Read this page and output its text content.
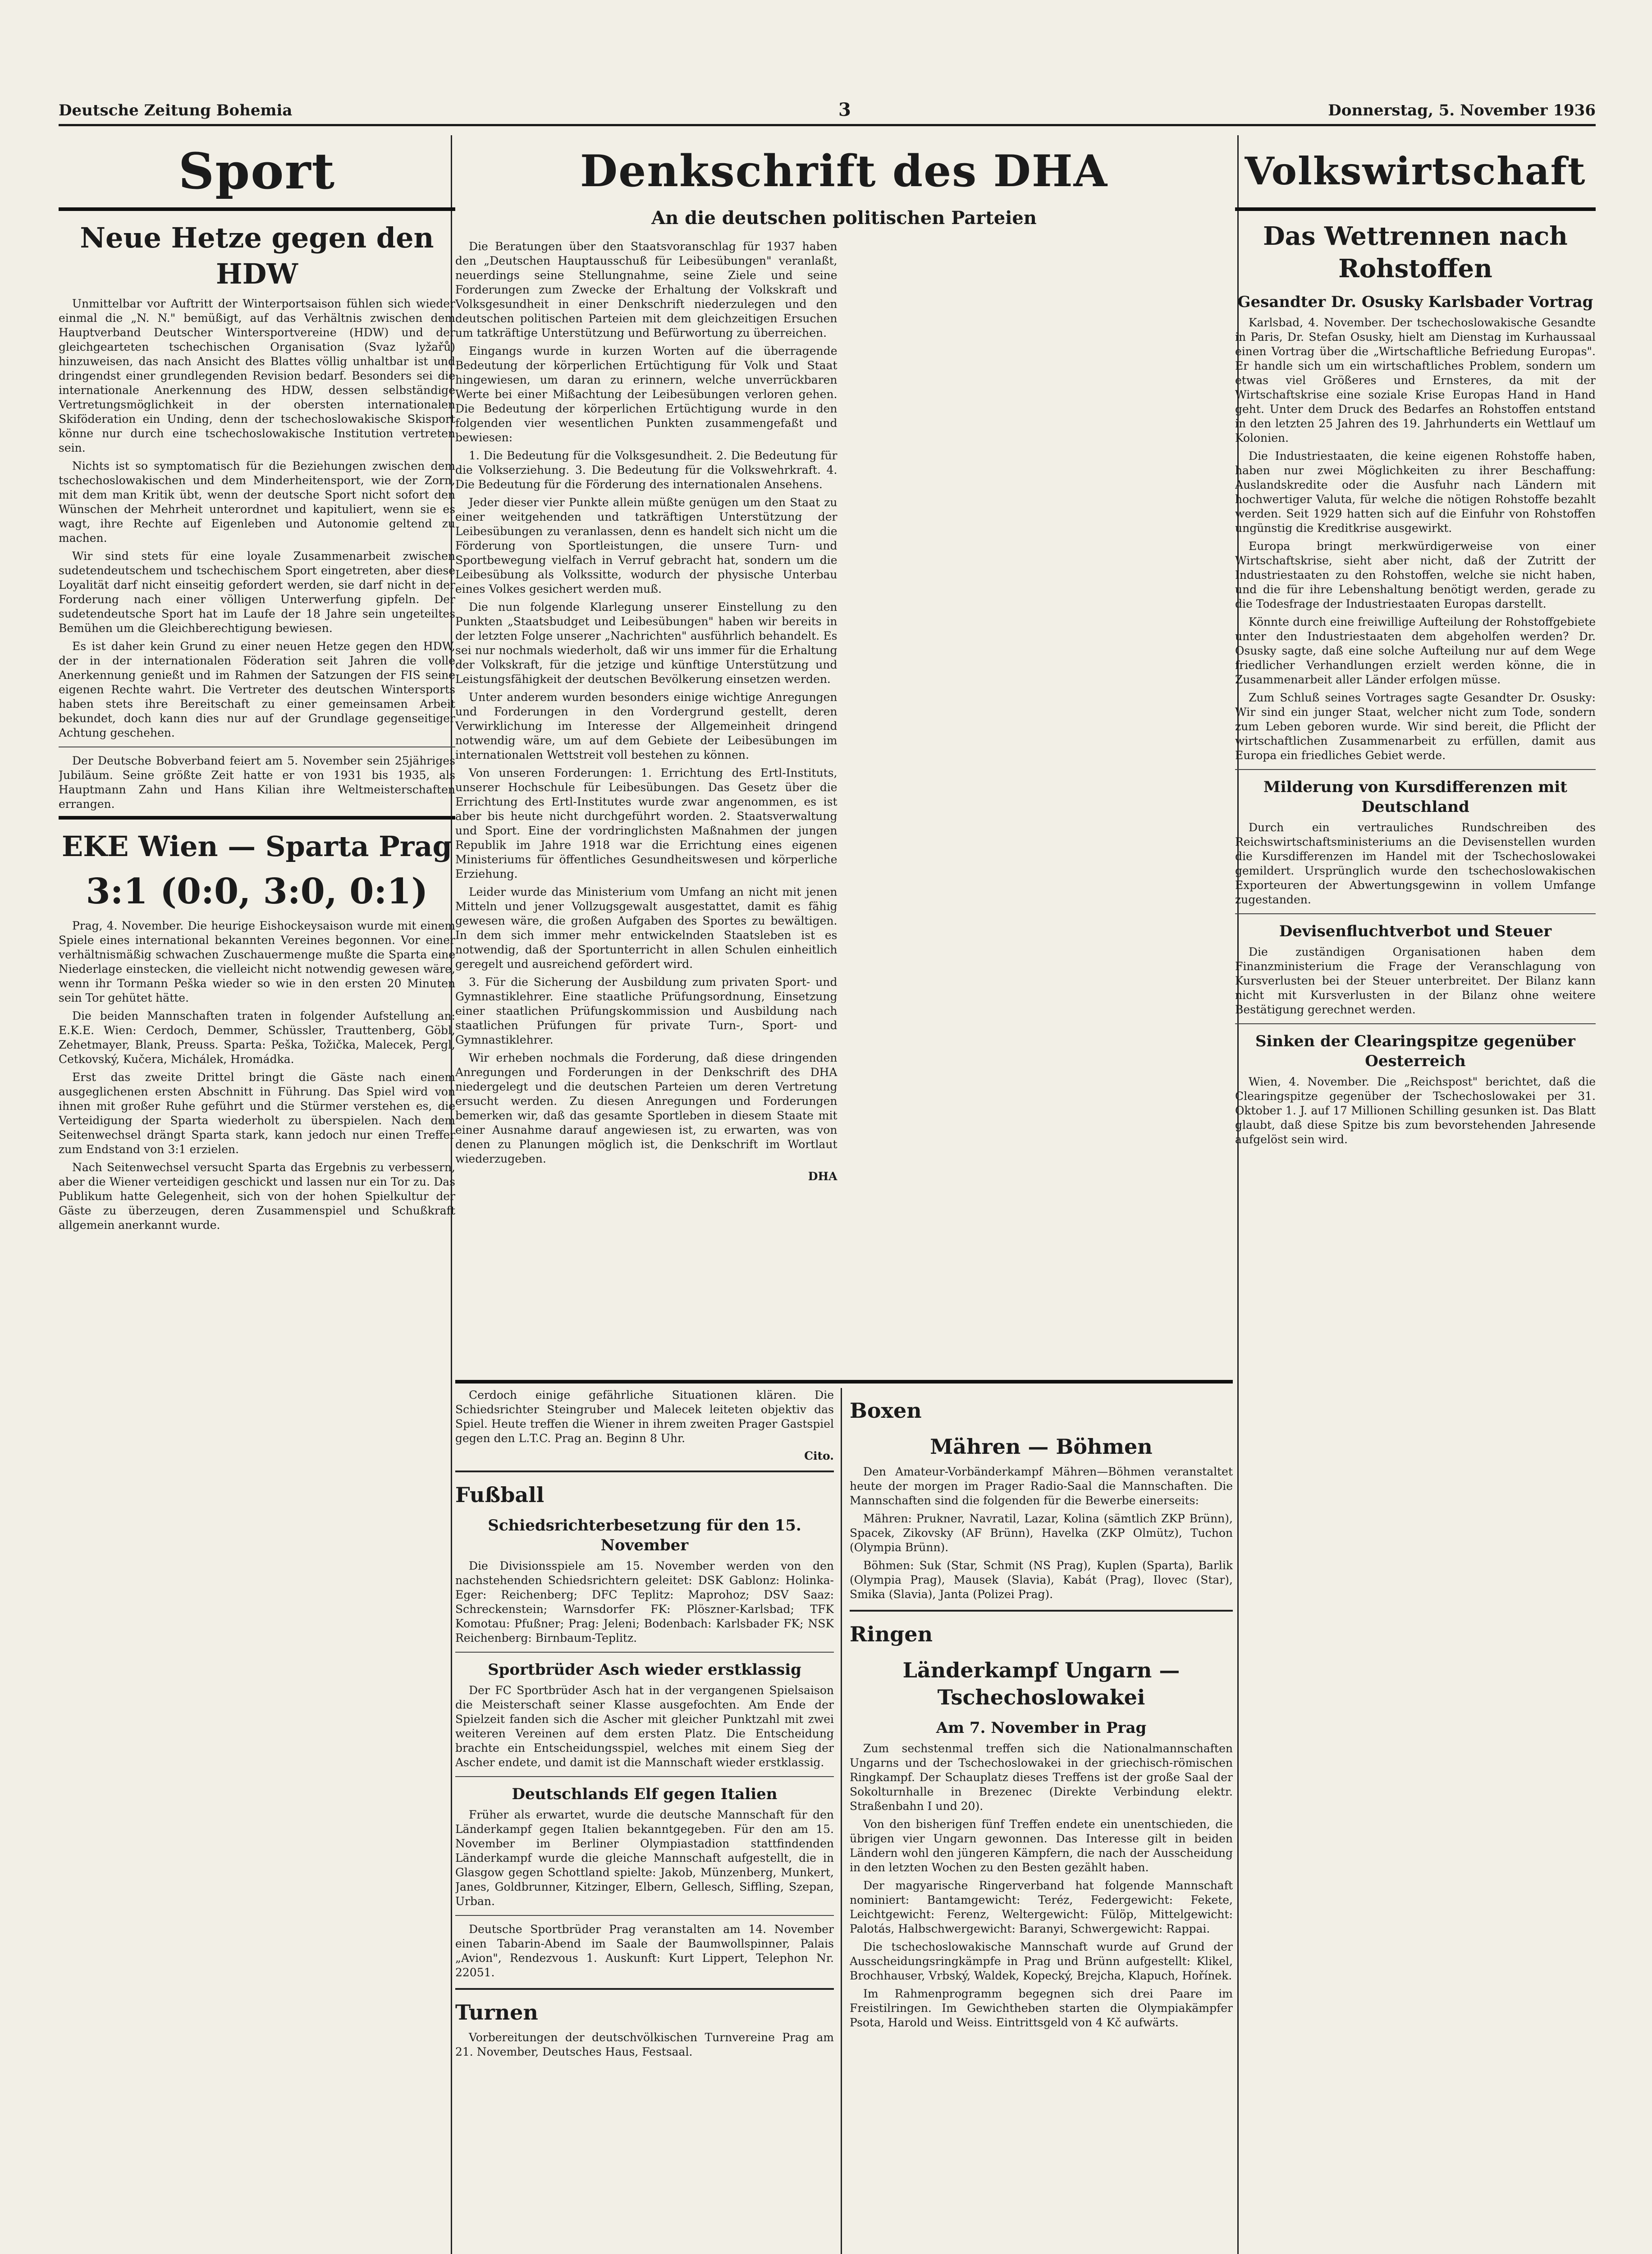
Deutsche Zeitung Bohemia	3	Donnerstag, 5. November 1936
Sport
Neue Hetze gegen den HDW

Unmittelbar vor Auftritt der Winterportsaison fühlen sich wieder einmal die „N. N." bemüßigt, auf das Verhältnis zwischen dem Hauptverband Deutscher Wintersportvereine (HDW) und der gleichgearteten tschechischen Organisation (Svaz lyžařů) hinzuweisen, das nach Ansicht des Blattes völlig unhaltbar ist und dringendst einer grundlegenden Revision bedarf. Besonders sei die internationale Anerkennung des HDW, dessen selbständige Vertretungsmöglichkeit in der obersten internationalen Skiföderation ein Unding, denn der tschechoslowakische Skisport könne nur durch eine tschechoslowakische Institution vertreten sein.

Nichts ist so symptomatisch für die Beziehungen zwischen dem tschechoslowakischen und dem Minderheitensport, wie der Zorn, mit dem man Kritik übt, wenn der deutsche Sport nicht sofort den Wünschen der Mehrheit unterordnet und kapituliert, wenn sie es wagt, ihre Rechte auf Eigenleben und Autonomie geltend zu machen.

Wir sind stets für eine loyale Zusammenarbeit zwischen sudetendeutschem und tschechischem Sport eingetreten, aber diese Loyalität darf nicht einseitig gefordert werden, sie darf nicht in der Forderung nach einer völligen Unterwerfung gipfeln. Der sudetendeutsche Sport hat im Laufe der 18 Jahre sein ungeteiltes Bemühen um die Gleichberechtigung bewiesen.

Es ist daher kein Grund zu einer neuen Hetze gegen den HDW, der in der internationalen Föderation seit Jahren die volle Anerkennung genießt und im Rahmen der Satzungen der FIS seine eigenen Rechte wahrt. Die Vertreter des deutschen Wintersports haben stets ihre Bereitschaft zu einer gemeinsamen Arbeit bekundet, doch kann dies nur auf der Grundlage gegenseitiger Achtung geschehen.

Der Deutsche Bobverband feiert am 5. November sein 25jähriges Jubiläum. Seine größte Zeit hatte er von 1931 bis 1935, als Hauptmann Zahn und Hans Kilian ihre Weltmeisterschaften errangen.

EKE Wien — Sparta Prag
3:1 (0:0, 3:0, 0:1)

Prag, 4. November. Die heurige Eishockeysaison wurde mit einem Spiele eines international bekannten Vereines begonnen. Vor einer verhältnismäßig schwachen Zuschauermenge mußte die Sparta eine Niederlage einstecken, die vielleicht nicht notwendig gewesen wäre, wenn ihr Tormann Peška wieder so wie in den ersten 20 Minuten sein Tor gehütet hätte.

Die beiden Mannschaften traten in folgender Aufstellung an: E.K.E. Wien: Cerdoch, Demmer, Schüssler, Trauttenberg, Göbl, Zehetmayer, Blank, Preuss. Sparta: Peška, Tožička, Malecek, Pergl, Cetkovský, Kučera, Michálek, Hromádka.

Erst das zweite Drittel bringt die Gäste nach einem ausgeglichenen ersten Abschnitt in Führung. Das Spiel wird von ihnen mit großer Ruhe geführt und die Stürmer verstehen es, die Verteidigung der Sparta wiederholt zu überspielen. Nach dem Seitenwechsel drängt Sparta stark, kann jedoch nur einen Treffer zum Endstand von 3:1 erzielen.

Nach Seitenwechsel versucht Sparta das Ergebnis zu verbessern, aber die Wiener verteidigen geschickt und lassen nur ein Tor zu. Das Publikum hatte Gelegenheit, sich von der hohen Spielkultur der Gäste zu überzeugen, deren Zusammenspiel und Schußkraft allgemein anerkannt wurde.

Denkschrift des DHA
An die deutschen politischen Parteien

Die Beratungen über den Staatsvoranschlag für 1937 haben den „Deutschen Hauptausschuß für Leibesübungen" veranlaßt, neuerdings seine Stellungnahme, seine Ziele und seine Forderungen zum Zwecke der Erhaltung der Volkskraft und Volksgesundheit in einer Denkschrift niederzulegen und den deutschen politischen Parteien mit dem gleichzeitigen Ersuchen um tatkräftige Unterstützung und Befürwortung zu überreichen.

Eingangs wurde in kurzen Worten auf die überragende Bedeutung der körperlichen Ertüchtigung für Volk und Staat hingewiesen, um daran zu erinnern, welche unverrückbaren Werte bei einer Mißachtung der Leibesübungen verloren gehen. Die Bedeutung der körperlichen Ertüchtigung wurde in den folgenden vier wesentlichen Punkten zusammengefaßt und bewiesen:

1. Die Bedeutung für die Volksgesundheit. 2. Die Bedeutung für die Volkserziehung. 3. Die Bedeutung für die Volkswehrkraft. 4. Die Bedeutung für die Förderung des internationalen Ansehens.

Jeder dieser vier Punkte allein müßte genügen um den Staat zu einer weitgehenden und tatkräftigen Unterstützung der Leibesübungen zu veranlassen, denn es handelt sich nicht um die Förderung von Sportleistungen, die unsere Turn- und Sportbewegung vielfach in Verruf gebracht hat, sondern um die Leibesübung als Volkssitte, wodurch der physische Unterbau eines Volkes gesichert werden muß.

Die nun folgende Klarlegung unserer Einstellung zu den Punkten „Staatsbudget und Leibesübungen" haben wir bereits in der letzten Folge unserer „Nachrichten" ausführlich behandelt. Es sei nur nochmals wiederholt, daß wir uns immer für die Erhaltung der Volkskraft, für die jetzige und künftige Unterstützung und Leistungsfähigkeit der deutschen Bevölkerung einsetzen werden.

Unter anderem wurden besonders einige wichtige Anregungen und Forderungen in den Vordergrund gestellt, deren Verwirklichung im Interesse der Allgemeinheit dringend notwendig wäre, um auf dem Gebiete der Leibesübungen im internationalen Wettstreit voll bestehen zu können.

Von unseren Forderungen: 1. Errichtung des Ertl-Instituts, unserer Hochschule für Leibesübungen. Das Gesetz über die Errichtung des Ertl-Institutes wurde zwar angenommen, es ist aber bis heute nicht durchgeführt worden. 2. Staatsverwaltung und Sport. Eine der vordringlichsten Maßnahmen der jungen Republik im Jahre 1918 war die Errichtung eines eigenen Ministeriums für öffentliches Gesundheitswesen und körperliche Erziehung.

Leider wurde das Ministerium vom Umfang an nicht mit jenen Mitteln und jener Vollzugsgewalt ausgestattet, damit es fähig gewesen wäre, die großen Aufgaben des Sportes zu bewältigen. In dem sich immer mehr entwickelnden Staatsleben ist es notwendig, daß der Sportunterricht in allen Schulen einheitlich geregelt und ausreichend gefördert wird.

3. Für die Sicherung der Ausbildung zum privaten Sport- und Gymnastiklehrer. Eine staatliche Prüfungsordnung, Einsetzung einer staatlichen Prüfungskommission und Ausbildung nach staatlichen Prüfungen für private Turn-, Sport- und Gymnastiklehrer.

Wir erheben nochmals die Forderung, daß diese dringenden Anregungen und Forderungen in der Denkschrift des DHA niedergelegt und die deutschen Parteien um deren Vertretung ersucht werden. Zu diesen Anregungen und Forderungen bemerken wir, daß das gesamte Sportleben in diesem Staate mit einer Ausnahme darauf angewiesen ist, zu erwarten, was von denen zu Planungen möglich ist, die Denkschrift im Wortlaut wiederzugeben.

DHA

Cerdoch einige gefährliche Situationen klären. Die Schiedsrichter Steingruber und Malecek leiteten objektiv das Spiel. Heute treffen die Wiener in ihrem zweiten Prager Gastspiel gegen den L.T.C. Prag an. Beginn 8 Uhr.

Cito.
Fußball
Schiedsrichterbesetzung für den 15. November

Die Divisionsspiele am 15. November werden von den nachstehenden Schiedsrichtern geleitet: DSK Gablonz: Holinka-Eger: Reichenberg; DFC Teplitz: Maprohoz; DSV Saaz: Schreckenstein; Warnsdorfer FK: Plöszner-Karlsbad; TFK Komotau: Pfußner; Prag: Jeleni; Bodenbach: Karlsbader FK; NSK Reichenberg: Birnbaum-Teplitz.

Sportbrüder Asch wieder erstklassig

Der FC Sportbrüder Asch hat in der vergangenen Spielsaison die Meisterschaft seiner Klasse ausgefochten. Am Ende der Spielzeit fanden sich die Ascher mit gleicher Punktzahl mit zwei weiteren Vereinen auf dem ersten Platz. Die Entscheidung brachte ein Entscheidungsspiel, welches mit einem Sieg der Ascher endete, und damit ist die Mannschaft wieder erstklassig.

Deutschlands Elf gegen Italien

Früher als erwartet, wurde die deutsche Mannschaft für den Länderkampf gegen Italien bekanntgegeben. Für den am 15. November im Berliner Olympiastadion stattfindenden Länderkampf wurde die gleiche Mannschaft aufgestellt, die in Glasgow gegen Schottland spielte: Jakob, Münzenberg, Munkert, Janes, Goldbrunner, Kitzinger, Elbern, Gellesch, Siffling, Szepan, Urban.

Deutsche Sportbrüder Prag veranstalten am 14. November einen Tabarin-Abend im Saale der Baumwollspinner, Palais „Avion", Rendezvous 1. Auskunft: Kurt Lippert, Telephon Nr. 22051.

Turnen

Vorbereitungen der deutschvölkischen Turnvereine Prag am 21. November, Deutsches Haus, Festsaal.

Boxen
Mähren — Böhmen

Den Amateur-Vorbänderkampf Mähren—Böhmen veranstaltet heute der morgen im Prager Radio-Saal die Mannschaften. Die Mannschaften sind die folgenden für die Bewerbe einerseits:

Mähren: Prukner, Navratil, Lazar, Kolina (sämtlich ZKP Brünn), Spacek, Zikovsky (AF Brünn), Havelka (ZKP Olmütz), Tuchon (Olympia Brünn).

Böhmen: Suk (Star, Schmit (NS Prag), Kuplen (Sparta), Barlik (Olympia Prag), Mausek (Slavia), Kabát (Prag), Ilovec (Star), Smika (Slavia), Janta (Polizei Prag).

Ringen
Länderkampf Ungarn — Tschechoslowakei
Am 7. November in Prag

Zum sechstenmal treffen sich die Nationalmannschaften Ungarns und der Tschechoslowakei in der griechisch-römischen Ringkampf. Der Schauplatz dieses Treffens ist der große Saal der Sokolturnhalle in Brezenec (Direkte Verbindung elektr. Straßenbahn I und 20).

Von den bisherigen fünf Treffen endete ein unentschieden, die übrigen vier Ungarn gewonnen. Das Interesse gilt in beiden Ländern wohl den jüngeren Kämpfern, die nach der Ausscheidung in den letzten Wochen zu den Besten gezählt haben.

Der magyarische Ringerverband hat folgende Mannschaft nominiert: Bantamgewicht: Teréz, Federgewicht: Fekete, Leichtgewicht: Ferenz, Weltergewicht: Fülöp, Mittelgewicht: Palotás, Halbschwergewicht: Baranyi, Schwergewicht: Rappai.

Die tschechoslowakische Mannschaft wurde auf Grund der Ausscheidungsringkämpfe in Prag und Brünn aufgestellt: Klikel, Brochhauser, Vrbský, Waldek, Kopecký, Brejcha, Klapuch, Hořínek.

Im Rahmenprogramm begegnen sich drei Paare im Freistilringen. Im Gewichtheben starten die Olympiakämpfer Psota, Harold und Weiss. Eintrittsgeld von 4 Kč aufwärts.

Volkswirtschaft
Das Wettrennen nach Rohstoffen
Gesandter Dr. Osusky Karlsbader Vortrag

Karlsbad, 4. November. Der tschechoslowakische Gesandte in Paris, Dr. Stefan Osusky, hielt am Dienstag im Kurhaussaal einen Vortrag über die „Wirtschaftliche Befriedung Europas". Er handle sich um ein wirtschaftliches Problem, sondern um etwas viel Größeres und Ernsteres, da mit der Wirtschaftskrise eine soziale Krise Europas Hand in Hand geht. Unter dem Druck des Bedarfes an Rohstoffen entstand in den letzten 25 Jahren des 19. Jahrhunderts ein Wettlauf um Kolonien.

Die Industriestaaten, die keine eigenen Rohstoffe haben, haben nur zwei Möglichkeiten zu ihrer Beschaffung: Auslandskredite oder die Ausfuhr nach Ländern mit hochwertiger Valuta, für welche die nötigen Rohstoffe bezahlt werden. Seit 1929 hatten sich auf die Einfuhr von Rohstoffen ungünstig die Kreditkrise ausgewirkt.

Europa bringt merkwürdigerweise von einer Wirtschaftskrise, sieht aber nicht, daß der Zutritt der Industriestaaten zu den Rohstoffen, welche sie nicht haben, und die für ihre Lebenshaltung benötigt werden, gerade zu die Todesfrage der Industriestaaten Europas darstellt.

Könnte durch eine freiwillige Aufteilung der Rohstoffgebiete unter den Industriestaaten dem abgeholfen werden? Dr. Osusky sagte, daß eine solche Aufteilung nur auf dem Wege friedlicher Verhandlungen erzielt werden könne, die in Zusammenarbeit aller Länder erfolgen müsse.

Zum Schluß seines Vortrages sagte Gesandter Dr. Osusky: Wir sind ein junger Staat, welcher nicht zum Tode, sondern zum Leben geboren wurde. Wir sind bereit, die Pflicht der wirtschaftlichen Zusammenarbeit zu erfüllen, damit aus Europa ein friedliches Gebiet werde.

Milderung von Kursdifferenzen mit Deutschland

Durch ein vertrauliches Rundschreiben des Reichswirtschaftsministeriums an die Devisenstellen wurden die Kursdifferenzen im Handel mit der Tschechoslowakei gemildert. Ursprünglich wurde den tschechoslowakischen Exporteuren der Abwertungsgewinn in vollem Umfange zugestanden.

Devisenfluchtverbot und Steuer

Die zuständigen Organisationen haben dem Finanzministerium die Frage der Veranschlagung von Kursverlusten bei der Steuer unterbreitet. Der Bilanz kann nicht mit Kursverlusten in der Bilanz ohne weitere Bestätigung gerechnet werden.

Sinken der Clearingspitze gegenüber Oesterreich

Wien, 4. November. Die „Reichspost" berichtet, daß die Clearingspitze gegenüber der Tschechoslowakei per 31. Oktober 1. J. auf 17 Millionen Schilling gesunken ist. Das Blatt glaubt, daß diese Spitze bis zum bevorstehenden Jahresende aufgelöst sein wird.
